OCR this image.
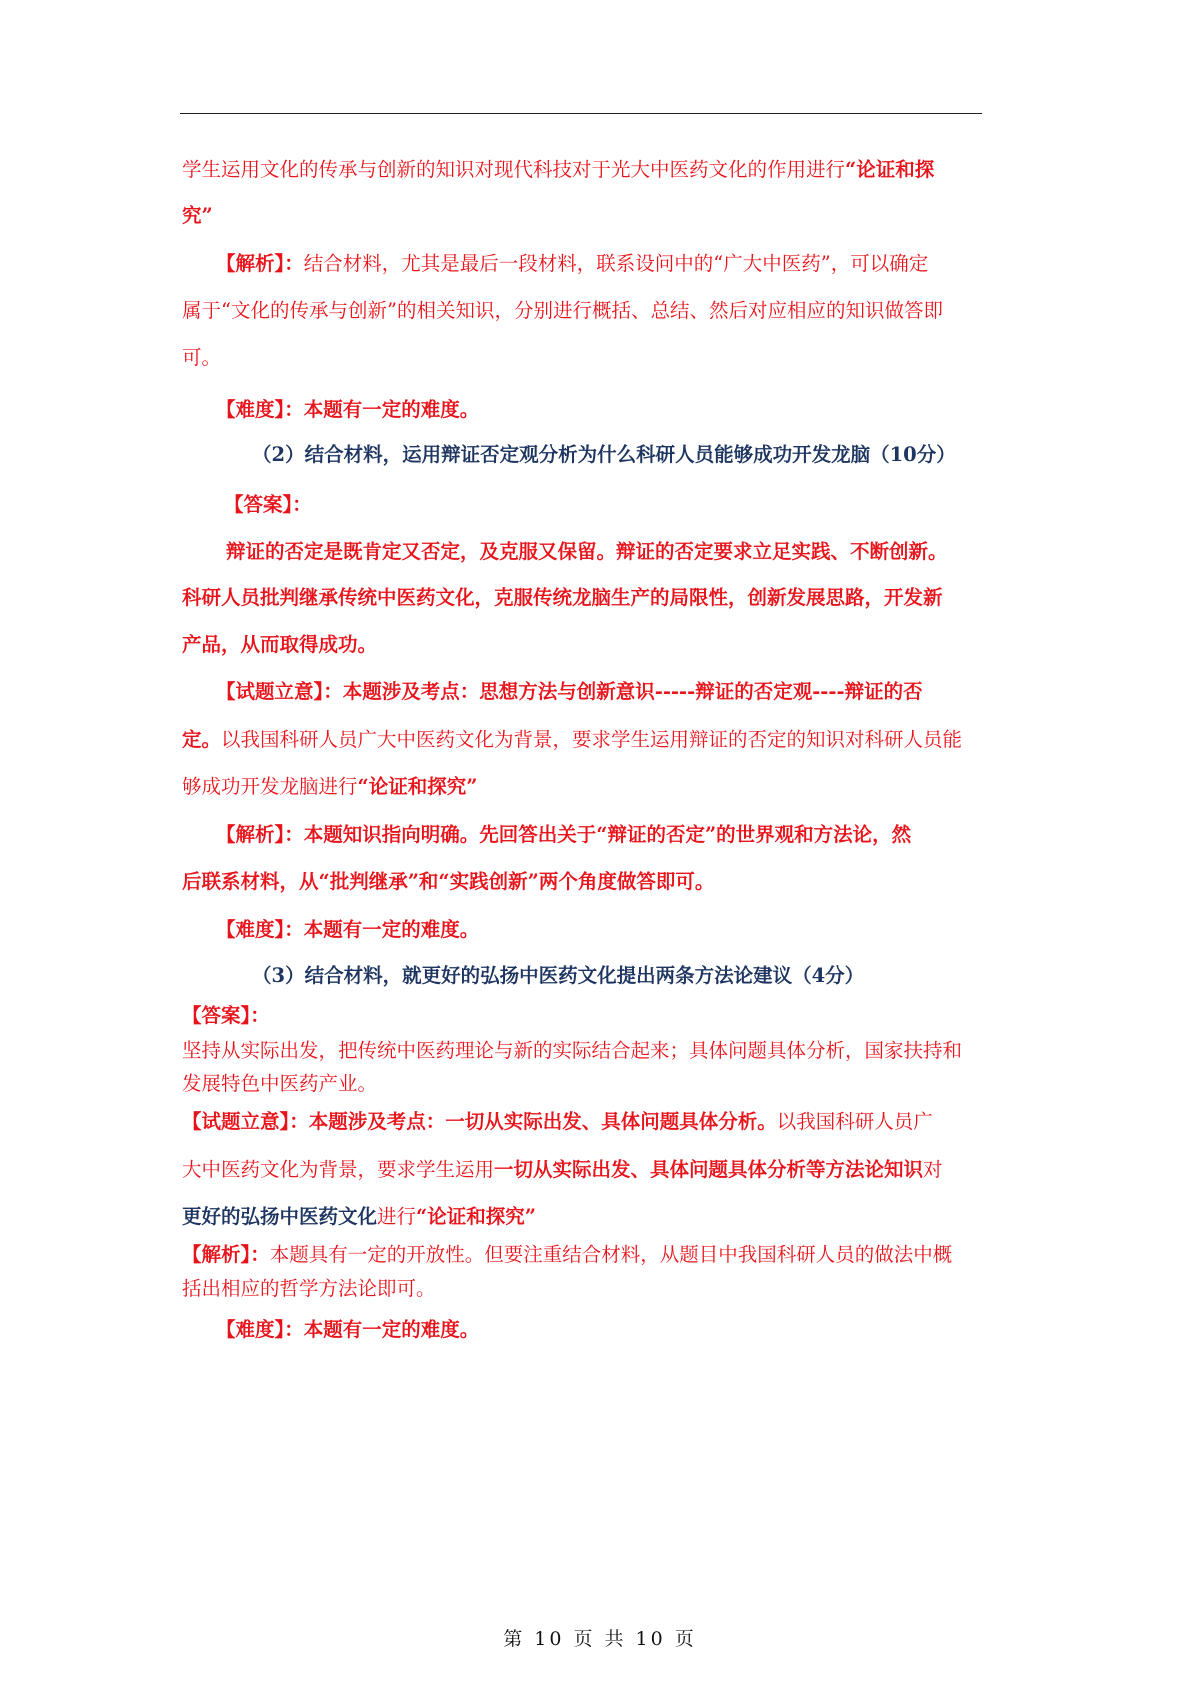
学生运用文化的传承与创新的知识对现代科技对于光大中医药文化的作用进行“论证和探
究”
【解析】：结合材料，尤其是最后一段材料，联系设问中的“广大中医药”，可以确定
属于“文化的传承与创新”的相关知识，分别进行概括、总结、然后对应相应的知识做答即
可。
【难度】：本题有一定的难度。
（2）结合材料，运用辩证否定观分析为什么科研人员能够成功开发龙脑（10分）
【答案】：
辩证的否定是既肯定又否定，及克服又保留。辩证的否定要求立足实践、不断创新。
科研人员批判继承传统中医药文化，克服传统龙脑生产的局限性，创新发展思路，开发新
产品，从而取得成功。
【试题立意】：本题涉及考点：思想方法与创新意识-----辩证的否定观----辩证的否
定。以我国科研人员广大中医药文化为背景，要求学生运用辩证的否定的知识对科研人员能
够成功开发龙脑进行“论证和探究”
【解析】：本题知识指向明确。先回答出关于“辩证的否定”的世界观和方法论，然
后联系材料，从“批判继承”和“实践创新”两个角度做答即可。
【难度】：本题有一定的难度。
（3）结合材料，就更好的弘扬中医药文化提出两条方法论建议（4分）
【答案】：
坚持从实际出发，把传统中医药理论与新的实际结合起来；具体问题具体分析，国家扶持和
发展特色中医药产业。
【试题立意】：本题涉及考点：一切从实际出发、具体问题具体分析。以我国科研人员广
大中医药文化为背景，要求学生运用一切从实际出发、具体问题具体分析等方法论知识对
更好的弘扬中医药文化进行“论证和探究”
【解析】：本题具有一定的开放性。但要注重结合材料，从题目中我国科研人员的做法中概
括出相应的哲学方法论即可。
【难度】：本题有一定的难度。
第 10 页 共 10 页
